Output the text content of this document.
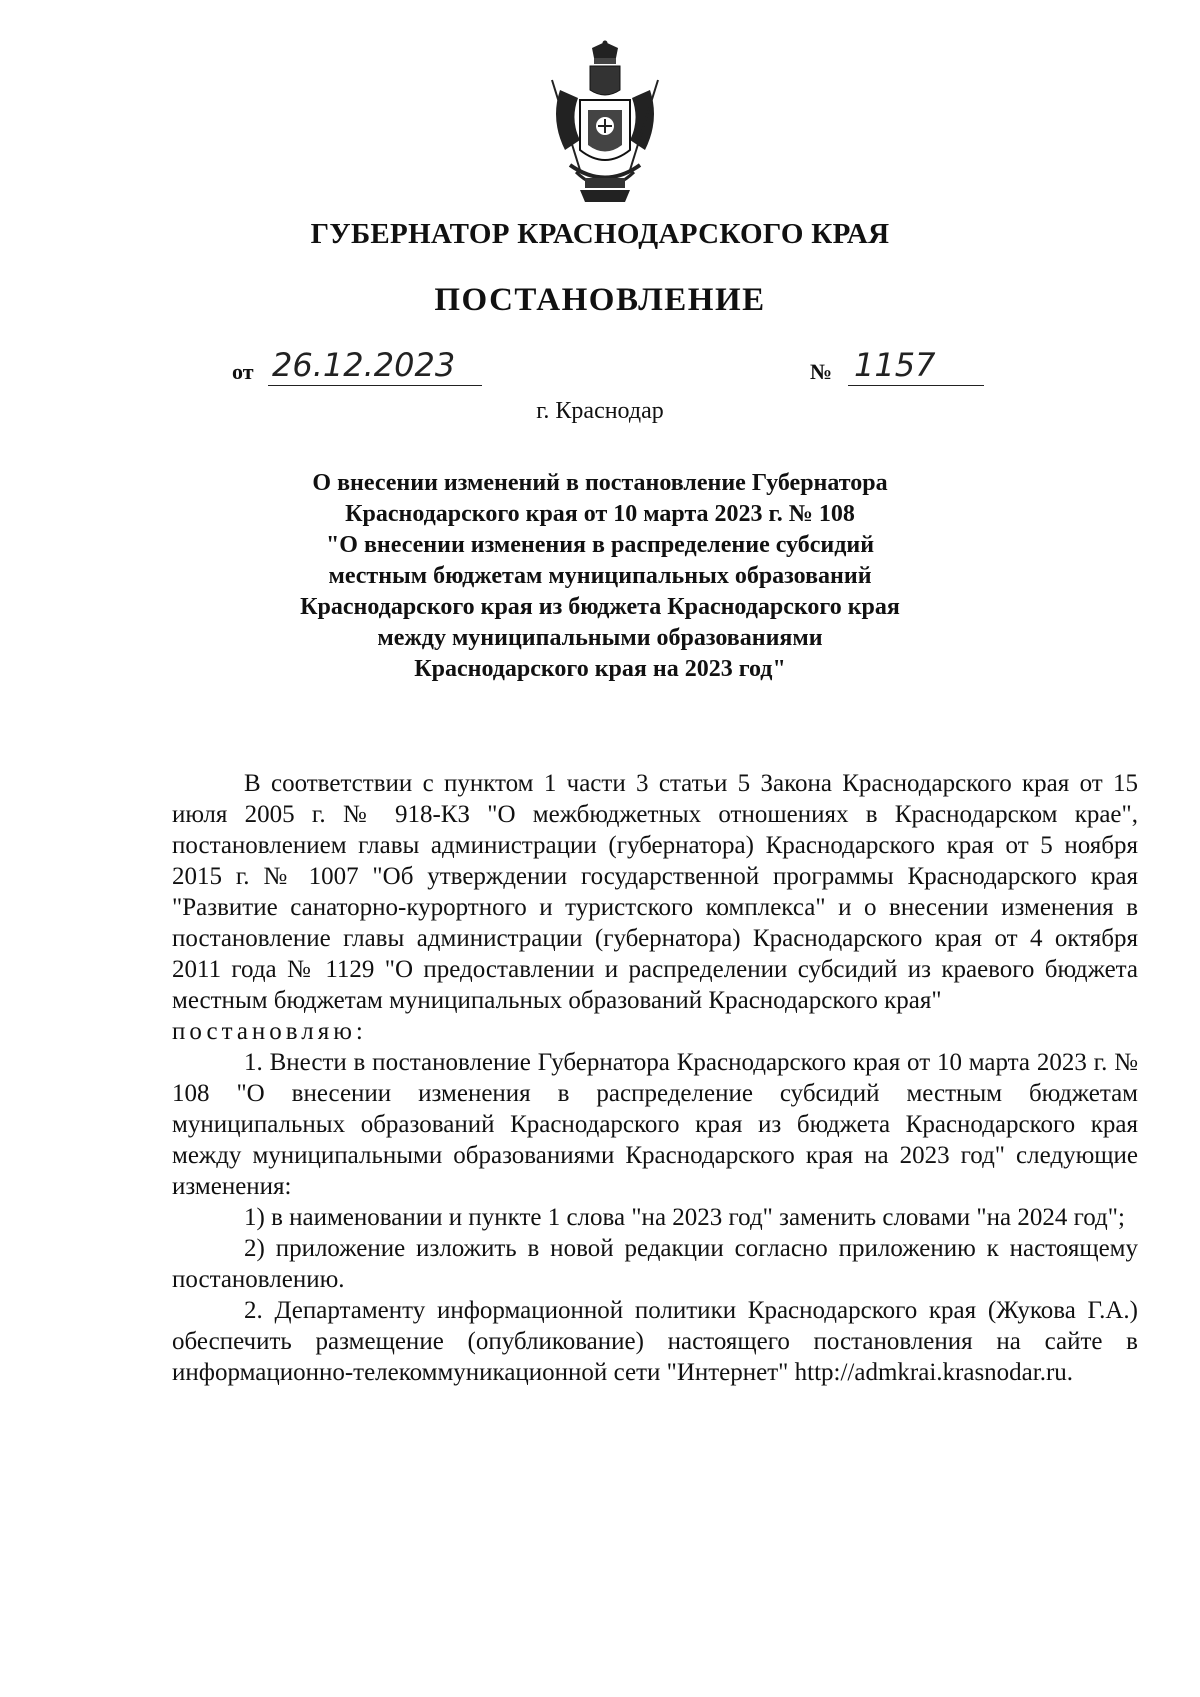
ГУБЕРНАТОР КРАСНОДАРСКОГО КРАЯ
ПОСТАНОВЛЕНИЕ
от 26.12.2023	№ 1157
г. Краснодар
О внесении изменений в постановление Губернатора
Краснодарского края от 10 марта 2023 г. № 108
"О внесении изменения в распределение субсидий
местным бюджетам муниципальных образований
Краснодарского края из бюджета Краснодарского края
между муниципальными образованиями
Краснодарского края на 2023 год"

В соответствии с пунктом 1 части 3 статьи 5 Закона Краснодарского края от 15 июля 2005 г. № 918-КЗ "О межбюджетных отношениях в Краснодарском крае", постановлением главы администрации (губернатора) Краснодарского края от 5 ноября 2015 г. № 1007 "Об утверждении государственной программы Краснодарского края "Развитие санаторно-курортного и туристского комплекса" и о внесении изменения в постановление главы администрации (губернатора) Краснодарского края от 4 октября 2011 года № 1129 "О предоставлении и распределении субсидий из краевого бюджета местным бюджетам муниципальных образований Краснодарского края"

постановляю:

1. Внести в постановление Губернатора Краснодарского края от 10 марта 2023 г. № 108 "О внесении изменения в распределение субсидий местным бюджетам муниципальных образований Краснодарского края из бюджета Краснодарского края между муниципальными образованиями Краснодарского края на 2023 год" следующие изменения:

1) в наименовании и пункте 1 слова "на 2023 год" заменить словами "на 2024 год";

2) приложение изложить в новой редакции согласно приложению к настоящему постановлению.

2. Департаменту информационной политики Краснодарского края (Жукова Г.А.) обеспечить размещение (опубликование) настоящего постановления на сайте в информационно-телекоммуникационной сети "Интернет" http://admkrai.krasnodar.ru.
